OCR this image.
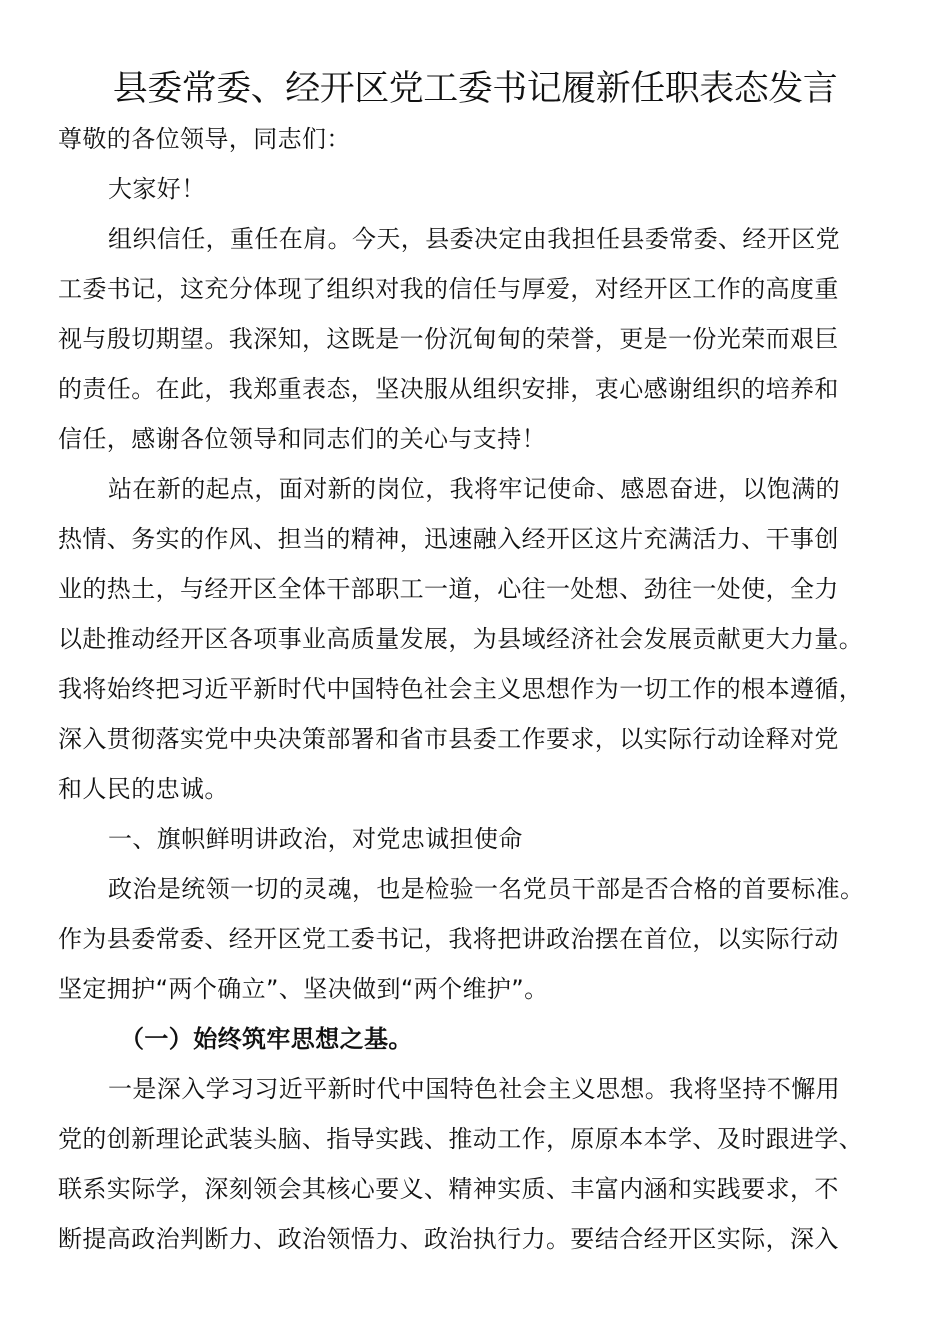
县委常委、经开区党工委书记履新任职表态发言
尊敬的各位领导，同志们：
大家好！
组织信任，重任在肩。今天，县委决定由我担任县委常委、经开区党
工委书记，这充分体现了组织对我的信任与厚爱，对经开区工作的高度重
视与殷切期望。我深知，这既是一份沉甸甸的荣誉，更是一份光荣而艰巨
的责任。在此，我郑重表态，坚决服从组织安排，衷心感谢组织的培养和
信任，感谢各位领导和同志们的关心与支持！
站在新的起点，面对新的岗位，我将牢记使命、感恩奋进，以饱满的
热情、务实的作风、担当的精神，迅速融入经开区这片充满活力、干事创
业的热土，与经开区全体干部职工一道，心往一处想、劲往一处使，全力
以赴推动经开区各项事业高质量发展，为县域经济社会发展贡献更大力量。
我将始终把习近平新时代中国特色社会主义思想作为一切工作的根本遵循，
深入贯彻落实党中央决策部署和省市县委工作要求，以实际行动诠释对党
和人民的忠诚。
一、旗帜鲜明讲政治，对党忠诚担使命
政治是统领一切的灵魂，也是检验一名党员干部是否合格的首要标准。
作为县委常委、经开区党工委书记，我将把讲政治摆在首位，以实际行动
坚定拥护“两个确立”、坚决做到“两个维护”。
（一）始终筑牢思想之基。
一是深入学习习近平新时代中国特色社会主义思想。我将坚持不懈用
党的创新理论武装头脑、指导实践、推动工作，原原本本学、及时跟进学、
联系实际学，深刻领会其核心要义、精神实质、丰富内涵和实践要求，不
断提高政治判断力、政治领悟力、政治执行力。要结合经开区实际，深入
